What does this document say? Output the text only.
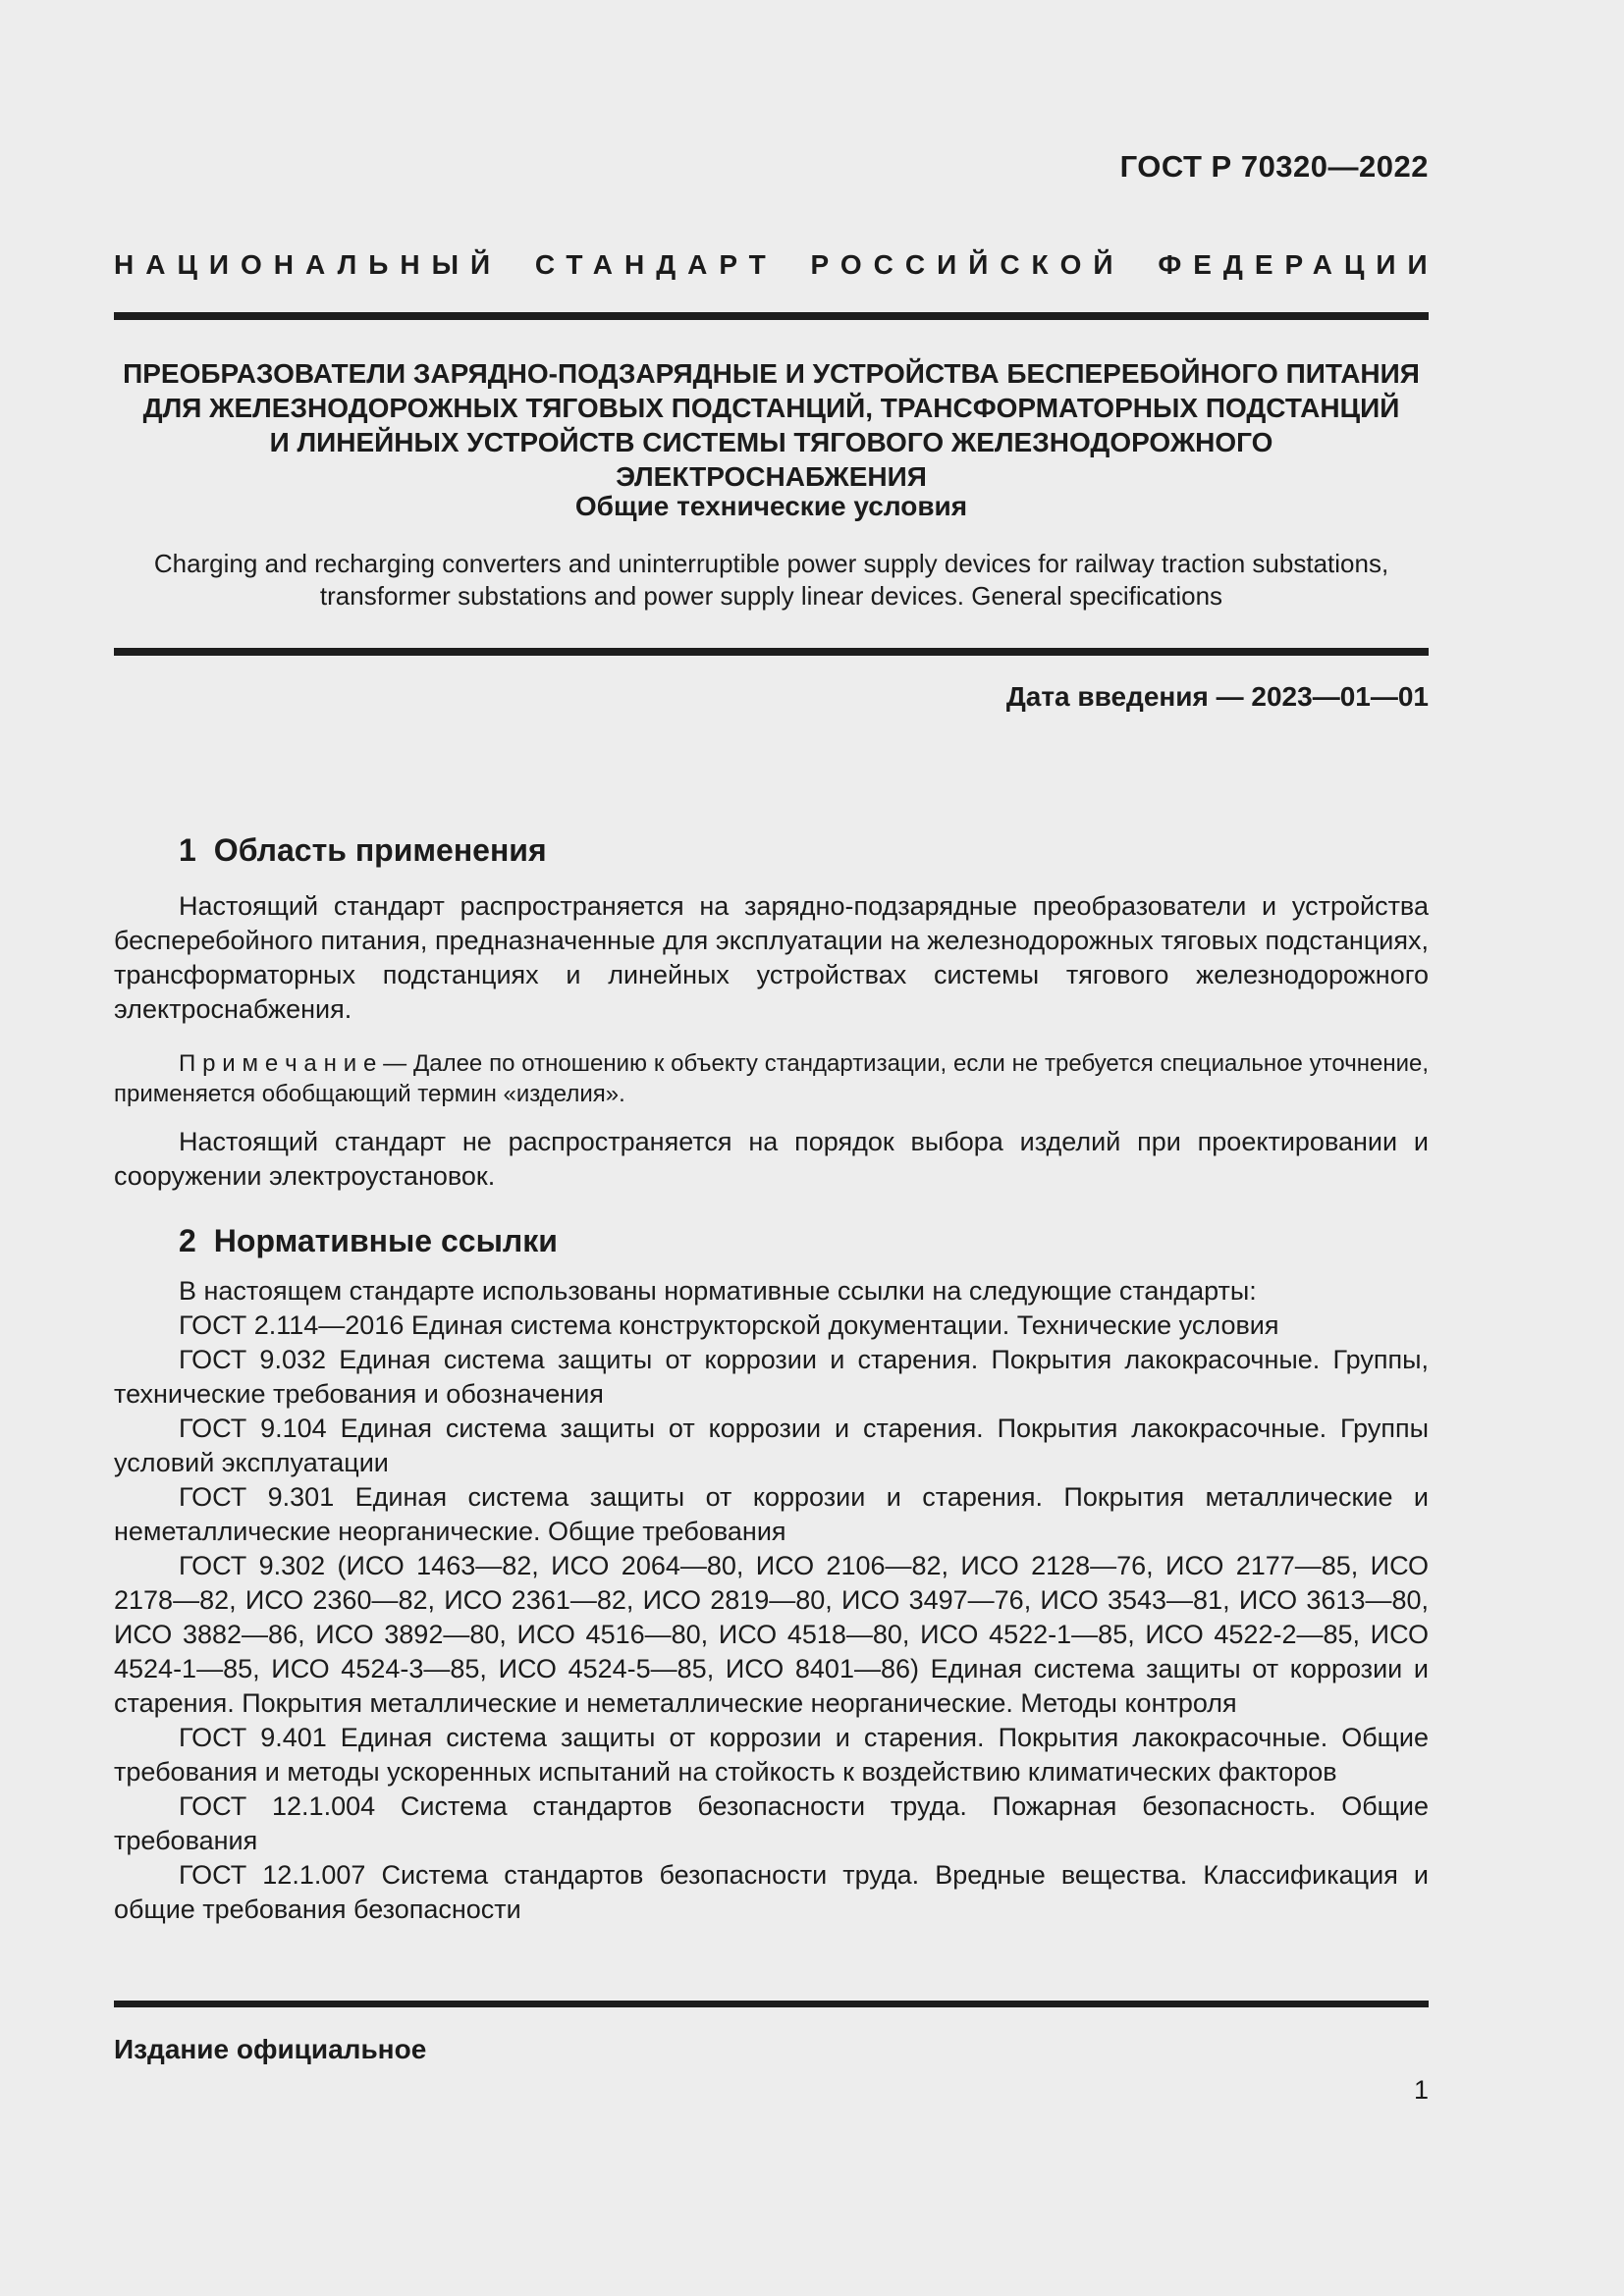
ГОСТ Р 70320—2022
НАЦИОНАЛЬНЫЙ СТАНДАРТ РОССИЙСКОЙ ФЕДЕРАЦИИ
ПРЕОБРАЗОВАТЕЛИ ЗАРЯДНО-ПОДЗАРЯДНЫЕ И УСТРОЙСТВА БЕСПЕРЕБОЙНОГО ПИТАНИЯ
ДЛЯ ЖЕЛЕЗНОДОРОЖНЫХ ТЯГОВЫХ ПОДСТАНЦИЙ, ТРАНСФОРМАТОРНЫХ ПОДСТАНЦИЙ
И ЛИНЕЙНЫХ УСТРОЙСТВ СИСТЕМЫ ТЯГОВОГО ЖЕЛЕЗНОДОРОЖНОГО ЭЛЕКТРОСНАБЖЕНИЯ
Общие технические условия
Charging and recharging converters and uninterruptible power supply devices for railway traction substations, transformer substations and power supply linear devices. General specifications
Дата введения — 2023—01—01
1 Область применения

Настоящий стандарт распространяется на зарядно-подзарядные преобразователи и устройства бесперебойного питания, предназначенные для эксплуатации на железнодорожных тяговых подстанциях, трансформаторных подстанциях и линейных устройствах системы тягового железнодорожного электроснабжения.

П р и м е ч а н и е — Далее по отношению к объекту стандартизации, если не требуется специальное уточнение, применяется обобщающий термин «изделия».

Настоящий стандарт не распространяется на порядок выбора изделий при проектировании и сооружении электроустановок.

2 Нормативные ссылки

В настоящем стандарте использованы нормативные ссылки на следующие стандарты:

ГОСТ 2.114—2016 Единая система конструкторской документации. Технические условия

ГОСТ 9.032 Единая система защиты от коррозии и старения. Покрытия лакокрасочные. Группы, технические требования и обозначения

ГОСТ 9.104 Единая система защиты от коррозии и старения. Покрытия лакокрасочные. Группы условий эксплуатации

ГОСТ 9.301 Единая система защиты от коррозии и старения. Покрытия металлические и неметаллические неорганические. Общие требования

ГОСТ 9.302 (ИСО 1463—82, ИСО 2064—80, ИСО 2106—82, ИСО 2128—76, ИСО 2177—85, ИСО 2178—82, ИСО 2360—82, ИСО 2361—82, ИСО 2819—80, ИСО 3497—76, ИСО 3543—81, ИСО 3613—80, ИСО 3882—86, ИСО 3892—80, ИСО 4516—80, ИСО 4518—80, ИСО 4522-1—85, ИСО 4522-2—85, ИСО 4524-1—85, ИСО 4524-3—85, ИСО 4524-5—85, ИСО 8401—86) Единая система защиты от коррозии и старения. Покрытия металлические и неметаллические неорганические. Методы контроля

ГОСТ 9.401 Единая система защиты от коррозии и старения. Покрытия лакокрасочные. Общие требования и методы ускоренных испытаний на стойкость к воздействию климатических факторов

ГОСТ 12.1.004 Система стандартов безопасности труда. Пожарная безопасность. Общие требования

ГОСТ 12.1.007 Система стандартов безопасности труда. Вредные вещества. Классификация и общие требования безопасности

Издание официальное
1
